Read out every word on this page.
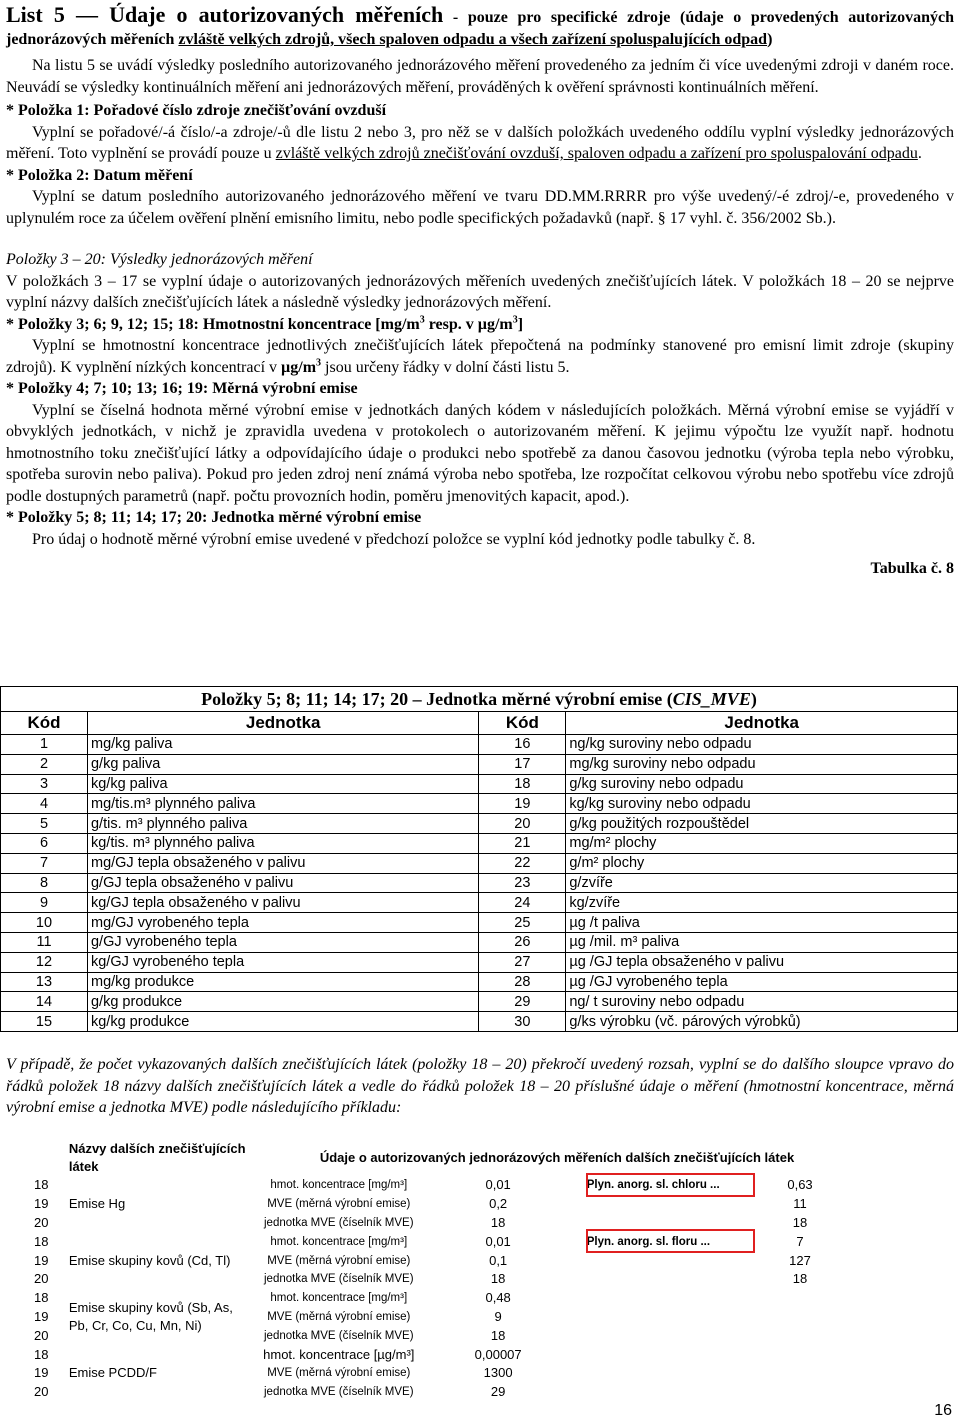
List 5 — Údaje o autorizovaných měřeních - pouze pro specifické zdroje (údaje o provedených autorizovaných jednorázových měřeních zvláště velkých zdrojů, všech spaloven odpadu a všech zařízení spoluspalujících odpad)

Na listu 5 se uvádí výsledky posledního autorizovaného jednorázového měření provedeného za jedním či více uvedenými zdroji v daném roce. Neuvádí se výsledky kontinuálních měření ani jednorázových měření, prováděných k ověření správnosti kontinuálních měření.

* Položka 1: Pořadové číslo zdroje znečišťování ovzduší

Vyplní se pořadové/-á číslo/-a zdroje/-ů dle listu 2 nebo 3, pro něž se v dalších položkách uvedeného oddílu vyplní výsledky jednorázových měření. Toto vyplnění se provádí pouze u zvláště velkých zdrojů znečišťování ovzduší, spaloven odpadu a zařízení pro spoluspalování odpadu.

* Položka 2: Datum měření

Vyplní se datum posledního autorizovaného jednorázového měření ve tvaru DD.MM.RRRR pro výše uvedený/-é zdroj/-e, provedeného v uplynulém roce za účelem ověření plnění emisního limitu, nebo podle specifických požadavků (např. § 17 vyhl. č. 356/2002 Sb.).

Položky 3 – 20: Výsledky jednorázových měření

V položkách 3 – 17 se vyplní údaje o autorizovaných jednorázových měřeních uvedených znečišťujících látek. V položkách 18 – 20 se nejprve vyplní názvy dalších znečišťujících látek a následně výsledky jednorázových měření.

* Položky 3; 6; 9, 12; 15; 18: Hmotnostní koncentrace [$mg/m^3$ resp. v $\mu g/m^3$]

Vyplní se hmotnostní koncentrace jednotlivých znečišťujících látek přepočtená na podmínky stanovené pro emisní limit zdroje (skupiny zdrojů). K vyplnění nízkých koncentrací v $\mu g/m^3$ jsou určeny řádky v dolní části listu 5.

* Položky 4; 7; 10; 13; 16; 19: Měrná výrobní emise

Vyplní se číselná hodnota měrné výrobní emise v jednotkách daných kódem v následujících položkách. Měrná výrobní emise se vyjádří v obvyklých jednotkách, v nichž je zpravidla uvedena v protokolech o autorizovaném měření. K jejimu výpočtu lze využít např. hodnotu hmotnostního toku znečišťující látky a odpovídajícího údaje o produkci nebo spotřebě za danou časovou jednotku (výroba tepla nebo výrobku, spotřeba surovin nebo paliva). Pokud pro jeden zdroj není známá výroba nebo spotřeba, lze rozpočítat celkovou výrobu nebo spotřebu více zdrojů podle dostupných parametrů (např. počtu provozních hodin, poměru jmenovitých kapacit, apod.).

* Položky 5; 8; 11; 14; 17; 20: Jednotka měrné výrobní emise

Pro údaj o hodnotě měrné výrobní emise uvedené v předchozí položce se vyplní kód jednotky podle tabulky č. 8.

Tabulka č. 8
Položky 5; 8; 11; 14; 17; 20 – Jednotka měrné výrobní emise (CIS_MVE)			
Kód	Jednotka	Kód	Jednotka
1	mg/kg paliva	16	ng/kg suroviny nebo odpadu
2	g/kg paliva	17	mg/kg suroviny nebo odpadu
3	kg/kg paliva	18	g/kg suroviny nebo odpadu
4	mg/tis.m³ plynného paliva	19	kg/kg suroviny nebo odpadu
5	g/tis. m³ plynného paliva	20	g/kg použitých rozpouštědel
6	kg/tis. m³ plynného paliva	21	mg/m² plochy
7	mg/GJ tepla obsaženého v palivu	22	g/m² plochy
8	g/GJ tepla obsaženého v palivu	23	g/zvíře
9	kg/GJ tepla obsaženého v palivu	24	kg/zvíře
10	mg/GJ vyrobeného tepla	25	µg /t paliva
11	g/GJ vyrobeného tepla	26	µg /mil. m³ paliva
12	kg/GJ vyrobeného tepla	27	µg /GJ tepla obsaženého v palivu
13	mg/kg produkce	28	µg /GJ vyrobeného tepla
14	g/kg produkce	29	ng/ t suroviny nebo odpadu
15	kg/kg produkce	30	g/ks výrobku (vč. párových výrobků)

V případě, že počet vykazovaných dalších znečišťujících látek (položky 18 – 20) překročí uvedený rozsah, vyplní se do dalšího sloupce vpravo do řádků položek 18 názvy dalších znečišťujících látek a vedle do řádků položek 18 – 20 příslušné údaje o měření (hmotnostní koncentrace, měrná výrobní emise a jednotka MVE) podle následujícího příkladu:

	Názvy dalších znečišťujících látek	Údaje o autorizovaných jednorázových měřeních dalších znečišťujících látek			
18	Emise Hg	hmot. koncentrace [mg/m³]	0,01	Plyn. anorg. sl. chloru ...	0,63
19		MVE (měrná výrobní emise)	0,2		11
20		jednotka MVE (číselník MVE)	18		18
18	Emise skupiny kovů (Cd, Tl)	hmot. koncentrace [mg/m³]	0,01	Plyn. anorg. sl. floru ...	7
19		MVE (měrná výrobní emise)	0,1		127
20		jednotka MVE (číselník MVE)	18		18
18	Emise skupiny kovů (Sb, As, Pb, Cr, Co, Cu, Mn, Ni)	hmot. koncentrace [mg/m³]	0,48		
19		MVE (měrná výrobní emise)	9		
20		jednotka MVE (číselník MVE)	18		
18	Emise PCDD/F	hmot. koncentrace [µg/m³]	0,00007		
19		MVE (měrná výrobní emise)	1300		
20		jednotka MVE (číselník MVE)	29		
16
